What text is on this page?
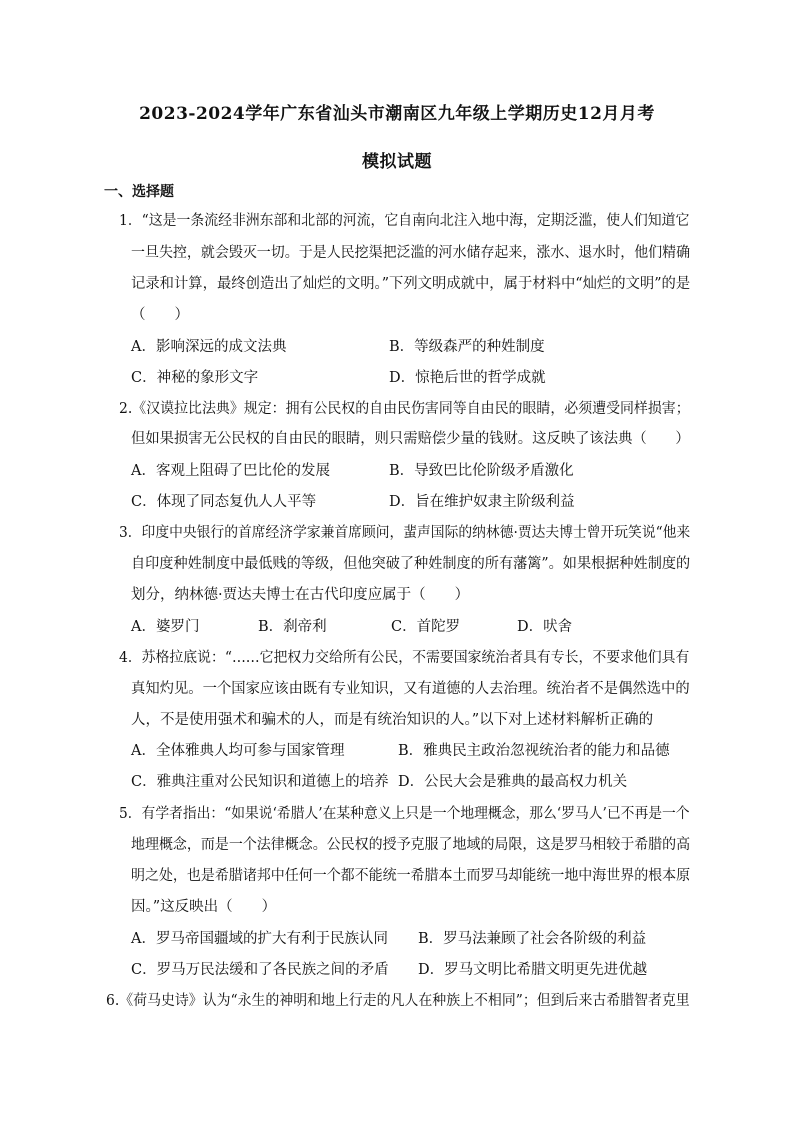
2023-2024学年广东省汕头市潮南区九年级上学期历史12月月考
模拟试题
一、选择题
1．“这是一条流经非洲东部和北部的河流，它自南向北注入地中海，定期泛滥，使人们知道它
一旦失控，就会毁灭一切。于是人民挖渠把泛滥的河水储存起来，涨水、退水时，他们精确
记录和计算，最终创造出了灿烂的文明。”下列文明成就中，属于材料中“灿烂的文明”的是
（　　）
A．影响深远的成文法典	B．等级森严的种姓制度
C．神秘的象形文字	D．惊艳后世的哲学成就
2.《汉谟拉比法典》规定：拥有公民权的自由民伤害同等自由民的眼睛，必须遭受同样损害；
但如果损害无公民权的自由民的眼睛，则只需赔偿少量的钱财。这反映了该法典（　　）
A．客观上阻碍了巴比伦的发展	B．导致巴比伦阶级矛盾激化
C．体现了同态复仇人人平等	D．旨在维护奴隶主阶级利益
3．印度中央银行的首席经济学家兼首席顾问，蜚声国际的纳林德·贾达夫博士曾开玩笑说“他来
自印度种姓制度中最低贱的等级，但他突破了种姓制度的所有藩篱”。如果根据种姓制度的
划分，纳林德·贾达夫博士在古代印度应属于（　　）
A．婆罗门	B．刹帝利	C．首陀罗	D．吠舍
4．苏格拉底说：“……它把权力交给所有公民，不需要国家统治者具有专长，不要求他们具有
真知灼见。一个国家应该由既有专业知识，又有道德的人去治理。统治者不是偶然选中的
人，不是使用强术和骗术的人，而是有统治知识的人。”以下对上述材料解析正确的
A．全体雅典人均可参与国家管理	B．雅典民主政治忽视统治者的能力和品德
C．雅典注重对公民知识和道德上的培养 D．公民大会是雅典的最高权力机关
5．有学者指出：“如果说‘希腊人’在某种意义上只是一个地理概念，那么‘罗马人’已不再是一个
地理概念，而是一个法律概念。公民权的授予克服了地域的局限，这是罗马相较于希腊的高
明之处，也是希腊诸邦中任何一个都不能统一希腊本土而罗马却能统一地中海世界的根本原
因。”这反映出（　　）
A．罗马帝国疆域的扩大有利于民族认同 B．罗马法兼顾了社会各阶级的利益
C．罗马万民法缓和了各民族之间的矛盾 D．罗马文明比希腊文明更先进优越
6.《荷马史诗》认为“永生的神明和地上行走的凡人在种族上不相同”；但到后来古希腊智者克里
